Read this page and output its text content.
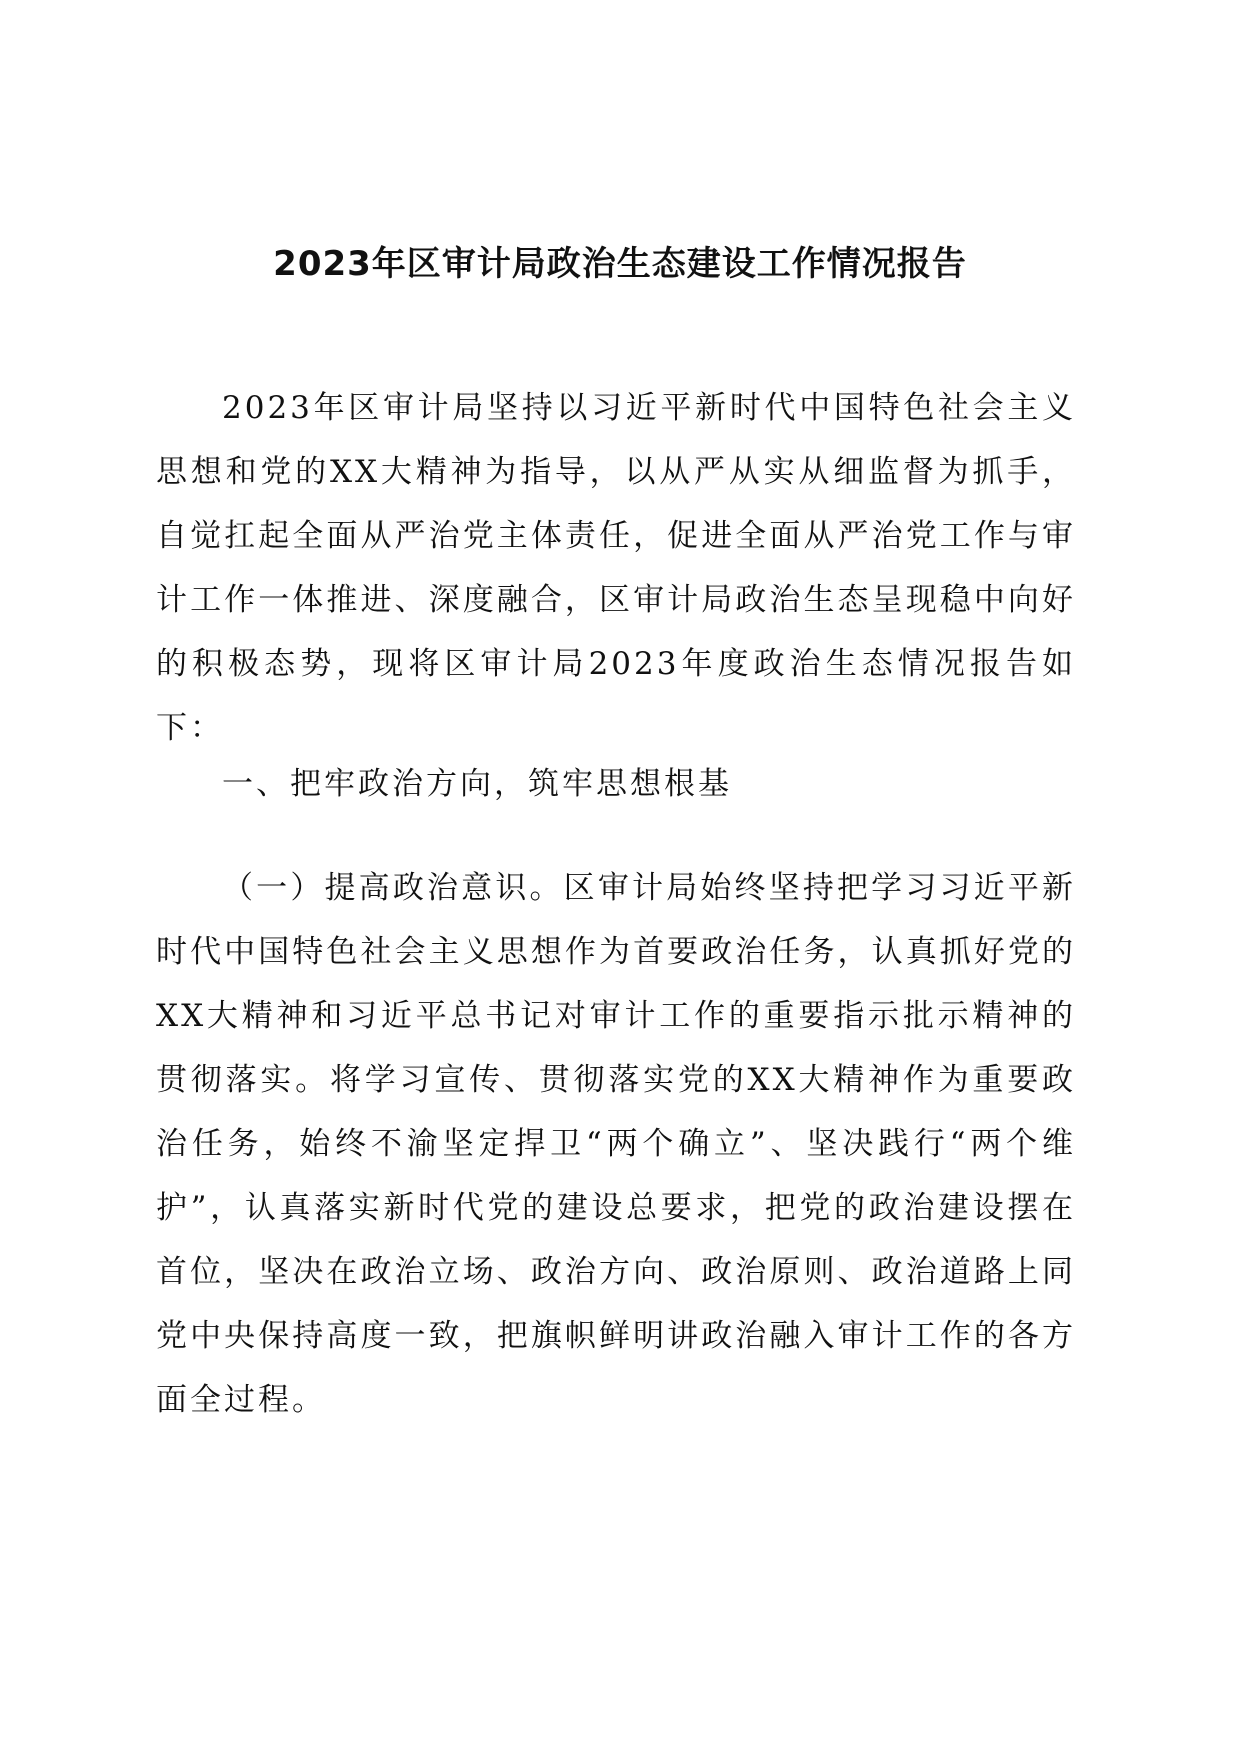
2023年区审计局政治生态建设工作情况报告

2023年区审计局坚持以习近平新时代中国特色社会主义思想和党的XX大精神为指导，以从严从实从细监督为抓手，自觉扛起全面从严治党主体责任，促进全面从严治党工作与审计工作一体推进、深度融合，区审计局政治生态呈现稳中向好的积极态势，现将区审计局2023年度政治生态情况报告如下：

一、把牢政治方向，筑牢思想根基

（一）提高政治意识。区审计局始终坚持把学习习近平新时代中国特色社会主义思想作为首要政治任务，认真抓好党的XX大精神和习近平总书记对审计工作的重要指示批示精神的贯彻落实。将学习宣传、贯彻落实党的XX大精神作为重要政治任务，始终不渝坚定捍卫“两个确立”、坚决践行“两个维护”，认真落实新时代党的建设总要求，把党的政治建设摆在首位，坚决在政治立场、政治方向、政治原则、政治道路上同党中央保持高度一致，把旗帜鲜明讲政治融入审计工作的各方面全过程。
